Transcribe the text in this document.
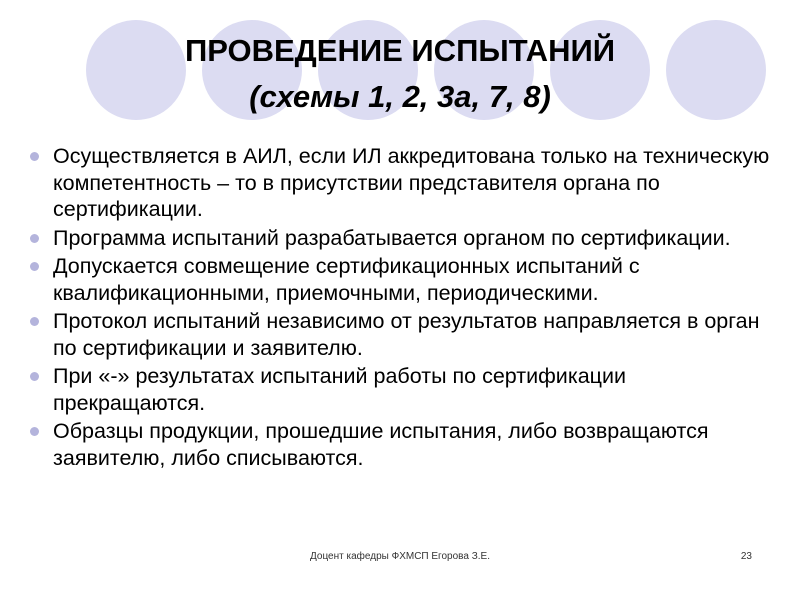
ПРОВЕДЕНИЕ ИСПЫТАНИЙ
(схемы 1, 2, 3а, 7, 8)
Осуществляется в АИЛ, если ИЛ аккредитована только на техническую компетентность – то в присутствии представителя органа по сертификации.
Программа испытаний разрабатывается органом по сертификации.
Допускается совмещение сертификационных испытаний с квалификационными, приемочными, периодическими.
Протокол испытаний независимо от результатов направляется в орган по сертификации и заявителю.
При «-» результатах испытаний работы по сертификации прекращаются.
Образцы продукции, прошедшие испытания, либо возвращаются заявителю, либо списываются.
Доцент кафедры ФХМСП Егорова З.Е.	23
